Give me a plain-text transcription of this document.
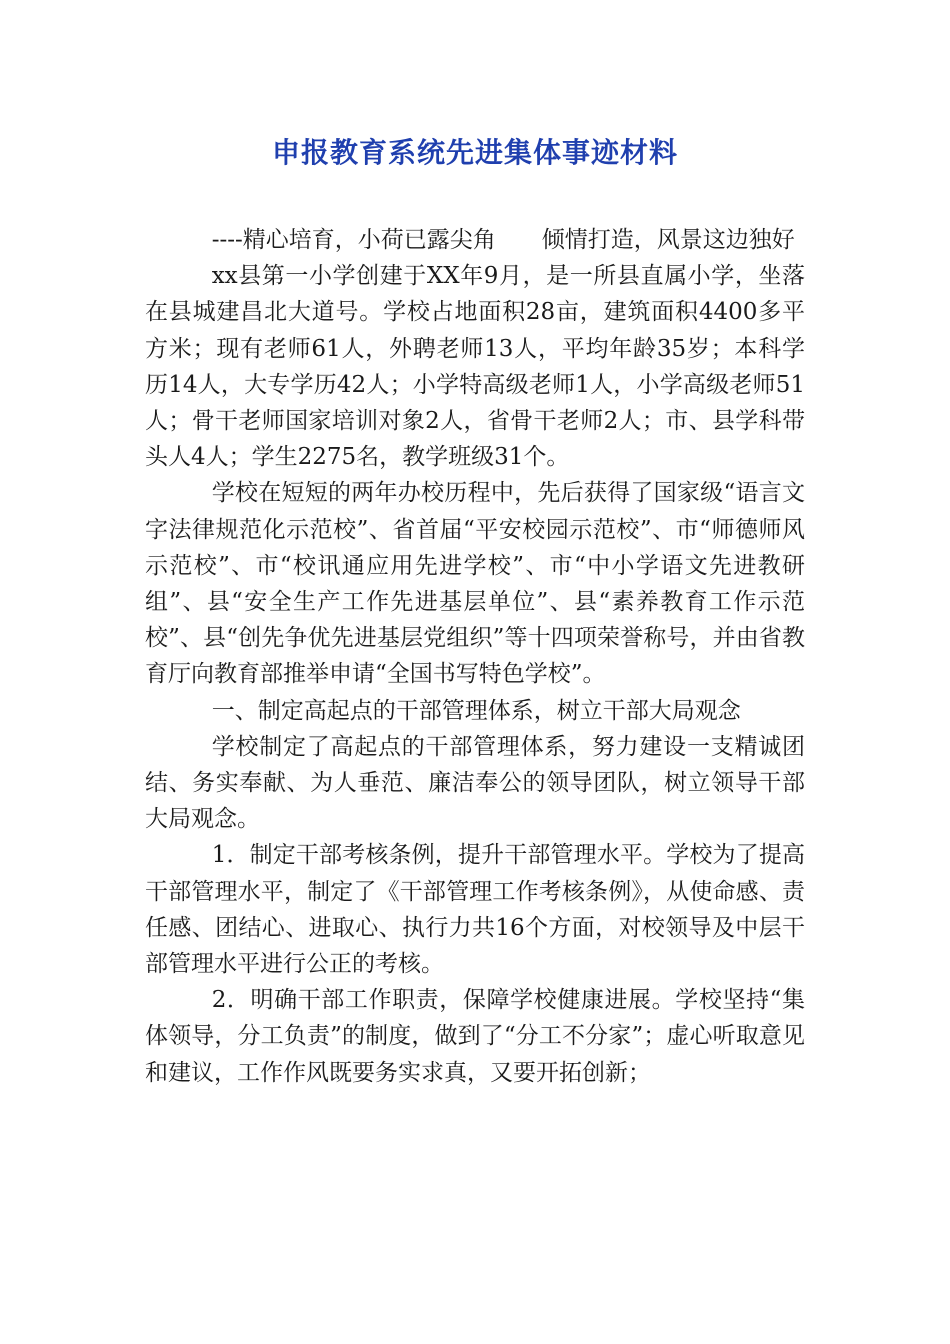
申报教育系统先进集体事迹材料

----精心培育，小荷已露尖角　　倾情打造，风景这边独好

xx县第一小学创建于XX年9月，是一所县直属小学，坐落在县城建昌北大道号。学校占地面积28亩，建筑面积4400多平方米；现有老师61人，外聘老师13人，平均年龄35岁；本科学历14人，大专学历42人；小学特高级老师1人，小学高级老师51人；骨干老师国家培训对象2人，省骨干老师2人；市、县学科带头人4人；学生2275名，教学班级31个。

学校在短短的两年办校历程中，先后获得了国家级“语言文字法律规范化示范校”、省首届“平安校园示范校”、市“师德师风示范校”、市“校讯通应用先进学校”、市“中小学语文先进教研组”、县“安全生产工作先进基层单位”、县“素养教育工作示范校”、县“创先争优先进基层党组织”等十四项荣誉称号，并由省教育厅向教育部推举申请“全国书写特色学校”。

一、制定高起点的干部管理体系，树立干部大局观念

学校制定了高起点的干部管理体系，努力建设一支精诚团结、务实奉献、为人垂范、廉洁奉公的领导团队，树立领导干部大局观念。

1．制定干部考核条例，提升干部管理水平。学校为了提高干部管理水平，制定了《干部管理工作考核条例》，从使命感、责任感、团结心、进取心、执行力共16个方面，对校领导及中层干部管理水平进行公正的考核。

2．明确干部工作职责，保障学校健康进展。学校坚持“集体领导，分工负责”的制度，做到了“分工不分家”；虚心听取意见和建议，工作作风既要务实求真，又要开拓创新；
